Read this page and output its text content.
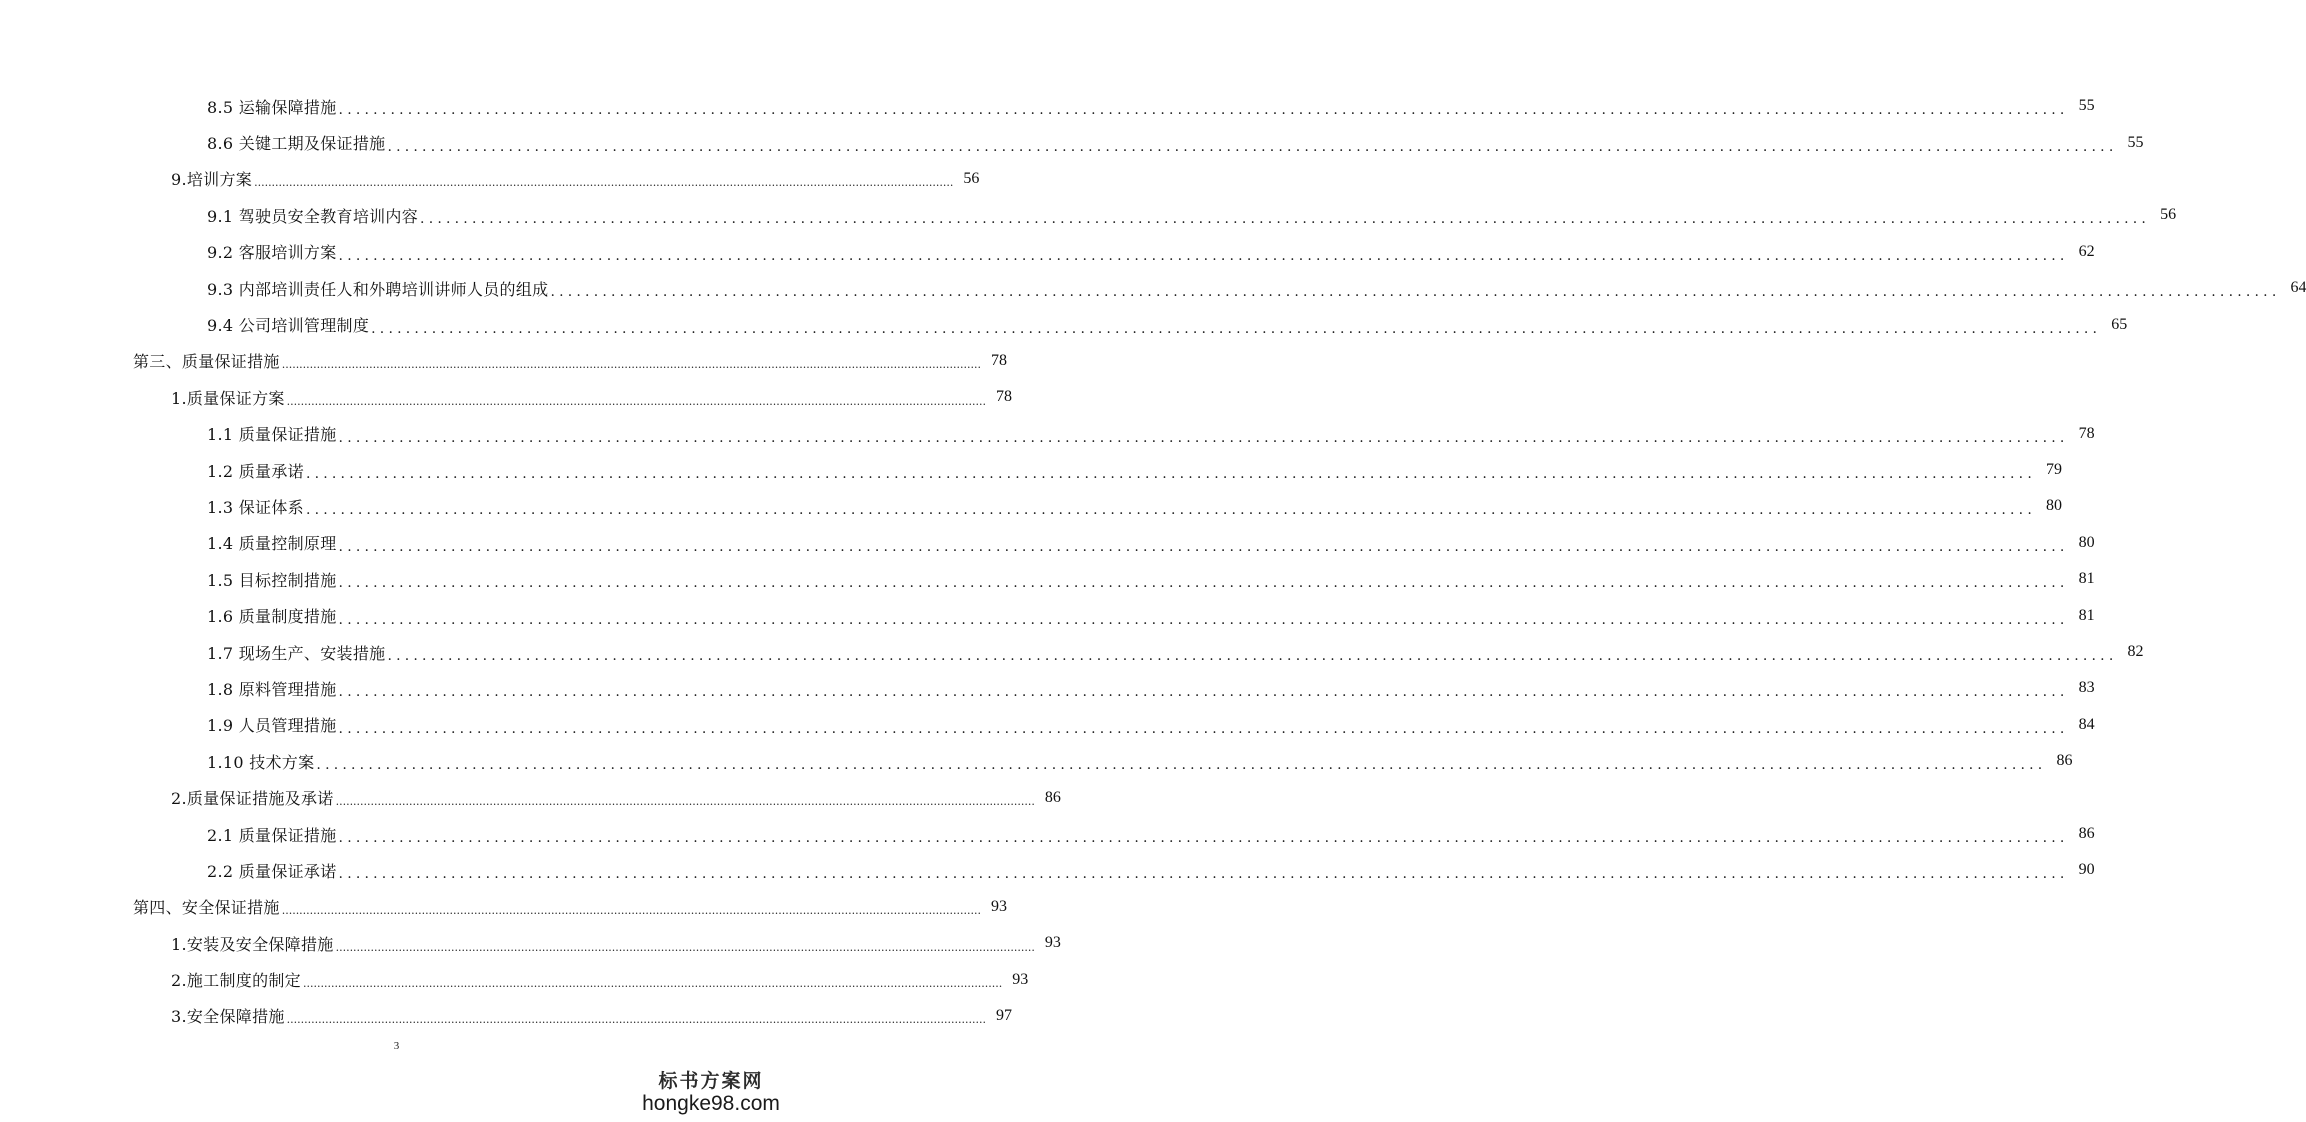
8.5 运输保障措施 ........................................................................................................................................................................................................ 55
8.6 关键工期及保证措施 ........................................................................................................................................................................................................ 55
9.培训方案 ........................................................................................................................................................................................................ 56
9.1 驾驶员安全教育培训内容 ........................................................................................................................................................................................................ 56
9.2 客服培训方案 ........................................................................................................................................................................................................ 62
9.3 内部培训责任人和外聘培训讲师人员的组成 ........................................................................................................................................................................................................ 64
9.4 公司培训管理制度 ........................................................................................................................................................................................................ 65
第三、质量保证措施 ........................................................................................................................................................................................................ 78
1.质量保证方案 ........................................................................................................................................................................................................ 78
1.1 质量保证措施 ........................................................................................................................................................................................................ 78
1.2 质量承诺 ........................................................................................................................................................................................................ 79
1.3 保证体系 ........................................................................................................................................................................................................ 80
1.4 质量控制原理 ........................................................................................................................................................................................................ 80
1.5 目标控制措施 ........................................................................................................................................................................................................ 81
1.6 质量制度措施 ........................................................................................................................................................................................................ 81
1.7 现场生产、安装措施 ........................................................................................................................................................................................................ 82
1.8 原料管理措施 ........................................................................................................................................................................................................ 83
1.9 人员管理措施 ........................................................................................................................................................................................................ 84
1.10 技术方案 ........................................................................................................................................................................................................ 86
2.质量保证措施及承诺 ........................................................................................................................................................................................................ 86
2.1 质量保证措施 ........................................................................................................................................................................................................ 86
2.2 质量保证承诺 ........................................................................................................................................................................................................ 90
第四、安全保证措施 ........................................................................................................................................................................................................ 93
1.安装及安全保障措施 ........................................................................................................................................................................................................ 93
2.施工制度的制定 ........................................................................................................................................................................................................ 93
3.安全保障措施 ........................................................................................................................................................................................................ 97
3
标书方案网
hongke98.com
